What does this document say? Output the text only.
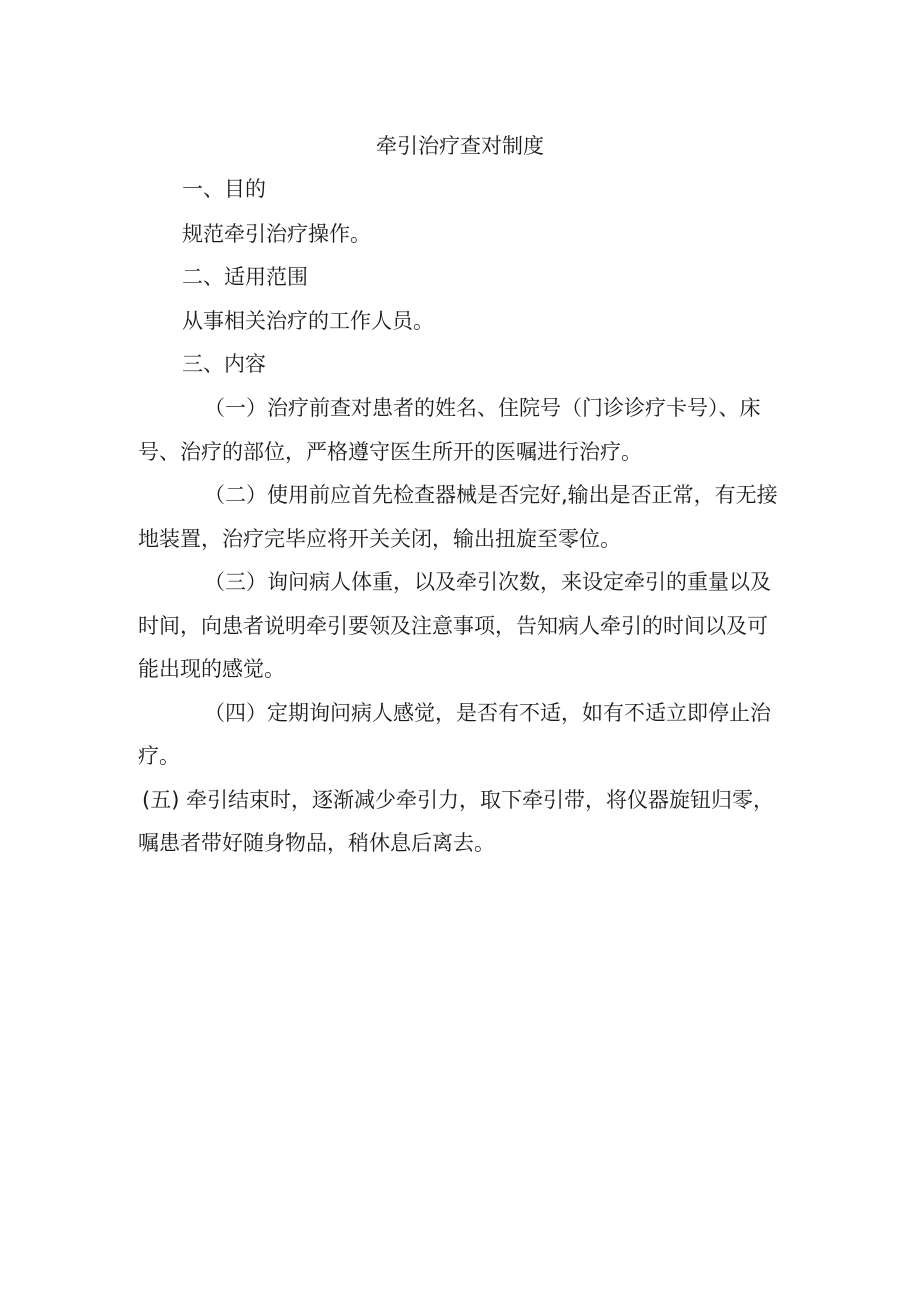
牵引治疗查对制度
一、目的
规范牵引治疗操作。
二、适用范围
从事相关治疗的工作人员。
三、内容
（一）治疗前查对患者的姓名、住院号（门诊诊疗卡号）、床
号、治疗的部位，严格遵守医生所开的医嘱进行治疗。
（二）使用前应首先检查器械是否完好,输出是否正常，有无接
地装置，治疗完毕应将开关关闭，输出扭旋至零位。
（三）询问病人体重，以及牵引次数，来设定牵引的重量以及
时间，向患者说明牵引要领及注意事项，告知病人牵引的时间以及可
能出现的感觉。
（四）定期询问病人感觉，是否有不适，如有不适立即停止治
疗。
(五) 牵引结束时，逐渐减少牵引力，取下牵引带，将仪器旋钮归零，
嘱患者带好随身物品，稍休息后离去。
